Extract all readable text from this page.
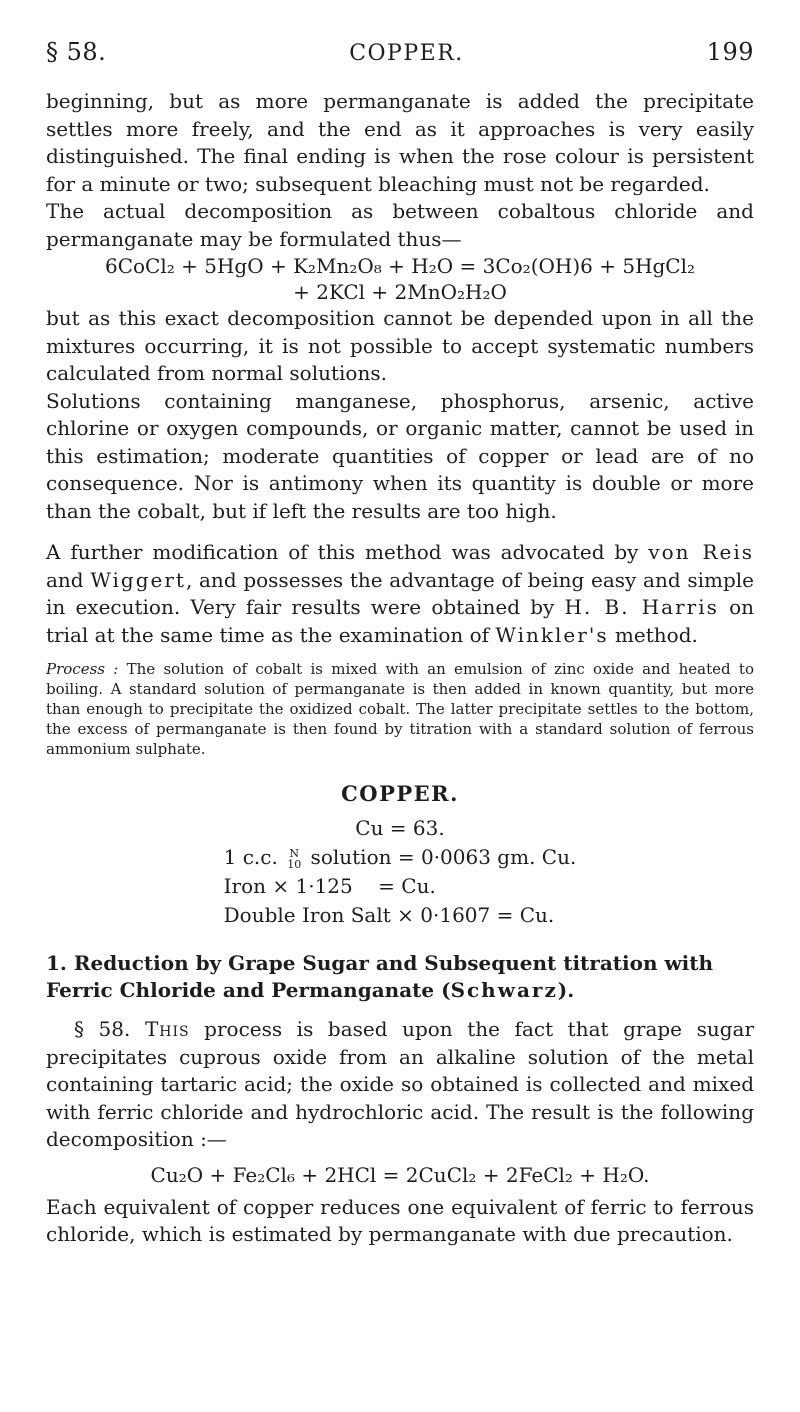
§ 58.	COPPER.	199

beginning, but as more permanganate is added the precipitate settles more freely, and the end as it approaches is very easily distinguished. The final ending is when the rose colour is persistent for a minute or two; subsequent bleaching must not be regarded.

The actual decomposition as between cobaltous chloride and permanganate may be formulated thus—

6CoCl₂ + 5HgO + K₂Mn₂O₈ + H₂O = 3Co₂(OH)6 + 5HgCl₂
+ 2KCl + 2MnO₂H₂O

but as this exact decomposition cannot be depended upon in all the mixtures occurring, it is not possible to accept systematic numbers calculated from normal solutions.

Solutions containing manganese, phosphorus, arsenic, active chlorine or oxygen compounds, or organic matter, cannot be used in this estimation; moderate quantities of copper or lead are of no consequence. Nor is antimony when its quantity is double or more than the cobalt, but if left the results are too high.

A further modification of this method was advocated by von Reis and Wiggert, and possesses the advantage of being easy and simple in execution. Very fair results were obtained by H. B. Harris on trial at the same time as the examination of Winkler's method.

Process : The solution of cobalt is mixed with an emulsion of zinc oxide and heated to boiling. A standard solution of permanganate is then added in known quantity, but more than enough to precipitate the oxidized cobalt. The latter precipitate settles to the bottom, the excess of permanganate is then found by titration with a standard solution of ferrous ammonium sulphate.

COPPER.
Cu = 63.
1 c.c. N
10 solution = 0·0063 gm. Cu.
Iron × 1·125    = Cu.
Double Iron Salt × 0·1607 = Cu.
1. Reduction by Grape Sugar and Subsequent titration with Ferric Chloride and Permanganate (Schwarz).

§ 58. This process is based upon the fact that grape sugar precipitates cuprous oxide from an alkaline solution of the metal containing tartaric acid; the oxide so obtained is collected and mixed with ferric chloride and hydrochloric acid. The result is the following decomposition :—

Cu₂O + Fe₂Cl₆ + 2HCl = 2CuCl₂ + 2FeCl₂ + H₂O.

Each equivalent of copper reduces one equivalent of ferric to ferrous chloride, which is estimated by permanganate with due precaution.
